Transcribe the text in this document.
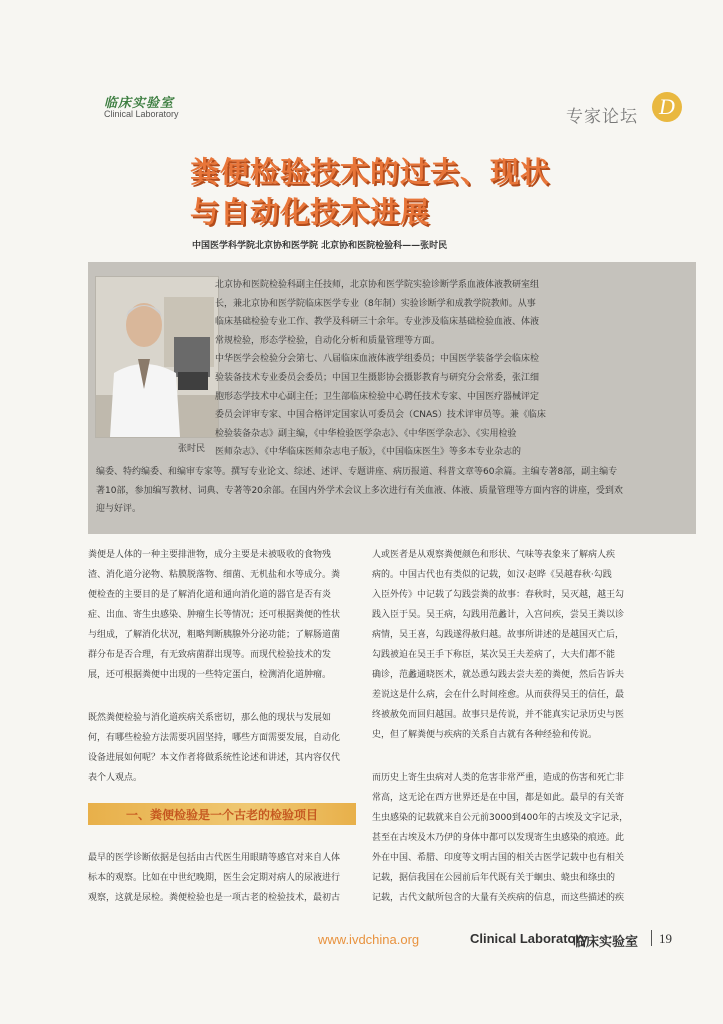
临床实验室
Clinical Laboratory	专家论坛 D
粪便检验技术的过去、现状
与自动化技术进展
中国医学科学院北京协和医学院 北京协和医院检验科——张时民
张时民
北京协和医院检验科副主任技师，北京协和医学院实验诊断学系血液体液教研室组
长，兼北京协和医学院临床医学专业（8年制）实验诊断学和成教学院教师。从事
临床基础检验专业工作、教学及科研三十余年。专业涉及临床基础检验血液、体液
常规检验，形态学检验，自动化分析和质量管理等方面。
中华医学会检验分会第七、八届临床血液体液学组委员；中国医学装备学会临床检
验装备技术专业委员会委员；中国卫生摄影协会摄影教育与研究分会常委，张江细
胞形态学技术中心副主任；卫生部临床检验中心聘任技术专家、中国医疗器械评定
委员会评审专家、中国合格评定国家认可委员会（CNAS）技术评审员等。兼《临床
检验装备杂志》副主编，《中华检验医学杂志》、《中华医学杂志》、《实用检验
医师杂志》、《中华临床医师杂志电子版》，《中国临床医生》等多本专业杂志的
编委、特约编委、和编审专家等。撰写专业论文、综述、述评、专题讲座、病历报道、科普文章等60余篇。主编专著8部，副主编专
著10部，参加编写教材、词典、专著等20余部。在国内外学术会议上多次进行有关血液、体液、质量管理等方面内容的讲座，受到欢
迎与好评。
粪便是人体的一种主要排泄物，成分主要是未被吸收的食物残
渣、消化道分泌物、粘膜脱落物、细菌、无机盐和水等成分。粪
便检查的主要目的是了解消化道和通向消化道的器官是否有炎
症、出血、寄生虫感染、肿瘤生长等情况；还可根据粪便的性状
与组成，了解消化状况，粗略判断胰腺外分泌功能；了解肠道菌
群分布是否合理，有无致病菌群出现等。而现代检验技术的发
展，还可根据粪便中出现的一些特定蛋白，检测消化道肿瘤。
既然粪便检验与消化道疾病关系密切，那么他的现状与发展如
何，有哪些检验方法需要巩固坚持，哪些方面需要发展，自动化
设备进展如何呢？本文作者将做系统性论述和讲述，其内容仅代
表个人观点。
一、粪便检验是一个古老的检验项目
最早的医学诊断依据是包括由古代医生用眼睛等感官对来自人体
标本的观察。比如在中世纪晚期，医生会定期对病人的尿液进行
观察，这就是尿检。粪便检验也是一项古老的检验技术，最初古
人或医者是从观察粪便颜色和形状、气味等表象来了解病人疾
病的。中国古代也有类似的记载，如汉·赵晔《吴越春秋·勾践
入臣外传》中记载了勾践尝粪的故事：春秋时，吴灭越，越王勾
践入臣于吴。吴王病，勾践用范蠡计，入宫问疾，尝吴王粪以诊
病情，吴王喜，勾践遂得赦归越。故事所讲述的是越国灭亡后，
勾践被迫在吴王手下称臣，某次吴王夫差病了，大夫们都不能
确诊，范蠡通晓医术，就怂恿勾践去尝夫差的粪便，然后告诉夫
差说这是什么病，会在什么时间痊愈。从而获得吴王的信任，最
终被赦免而回归越国。故事只是传说，并不能真实记录历史与医
史，但了解粪便与疾病的关系自古就有各种经验和传说。
而历史上寄生虫病对人类的危害非常严重，造成的伤害和死亡非
常高，这无论在西方世界还是在中国，都是如此。最早的有关寄
生虫感染的记载就来自公元前3000到400年的古埃及文字记录，
甚至在古埃及木乃伊的身体中都可以发现寄生虫感染的痕迹。此
外在中国、希腊、印度等文明古国的相关古医学记载中也有相关
记载，据信我国在公园前后年代既有关于蛔虫、蛲虫和绦虫的
记载，古代文献所包含的大量有关疾病的信息，而这些描述的疾
www.ivdchina.org	Clinical Laboratory
临床实验室 19
